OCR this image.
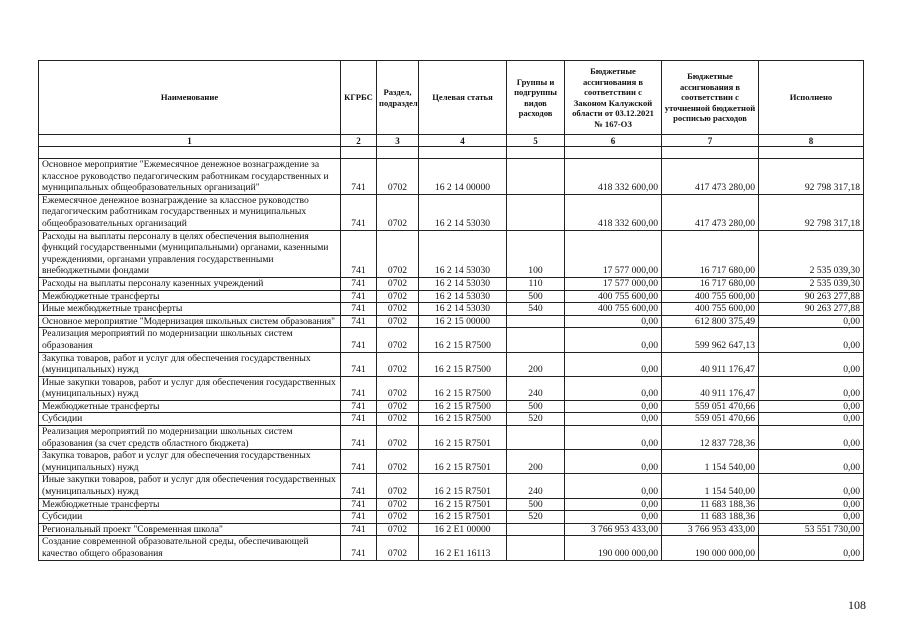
Наименование	КГРБС	Раздел, подраздел	Целевая статья	Группы и подгруппы видов расходов	Бюджетные ассигнования в соответствии с Законом Калужской области от 03.12.2021 № 167-ОЗ	Бюджетные ассигнования в соответствии с уточненной бюджетной росписью расходов	Исполнено
1	2	3	4	5	6	7	8

Основное мероприятие "Ежемесячное денежное вознаграждение за классное руководство педагогическим работникам государственных и муниципальных общеобразовательных организаций"	741	0702	16 2 14 00000		418 332 600,00	417 473 280,00	92 798 317,18
Ежемесячное денежное вознаграждение за классное руководство педагогическим работникам государственных и муниципальных общеобразовательных организаций	741	0702	16 2 14 53030		418 332 600,00	417 473 280,00	92 798 317,18
Расходы на выплаты персоналу в целях обеспечения выполнения функций государственными (муниципальными) органами, казенными учреждениями, органами управления государственными внебюджетными фондами	741	0702	16 2 14 53030	100	17 577 000,00	16 717 680,00	2 535 039,30
Расходы на выплаты персоналу казенных учреждений	741	0702	16 2 14 53030	110	17 577 000,00	16 717 680,00	2 535 039,30
Межбюджетные трансферты	741	0702	16 2 14 53030	500	400 755 600,00	400 755 600,00	90 263 277,88
Иные межбюджетные трансферты	741	0702	16 2 14 53030	540	400 755 600,00	400 755 600,00	90 263 277,88
Основное мероприятие "Модернизация школьных систем образования"	741	0702	16 2 15 00000		0,00	612 800 375,49	0,00
Реализация мероприятий по модернизации школьных систем образования	741	0702	16 2 15 R7500		0,00	599 962 647,13	0,00
Закупка товаров, работ и услуг для обеспечения государственных (муниципальных) нужд	741	0702	16 2 15 R7500	200	0,00	40 911 176,47	0,00
Иные закупки товаров, работ и услуг для обеспечения государственных (муниципальных) нужд	741	0702	16 2 15 R7500	240	0,00	40 911 176,47	0,00
Межбюджетные трансферты	741	0702	16 2 15 R7500	500	0,00	559 051 470,66	0,00
Субсидии	741	0702	16 2 15 R7500	520	0,00	559 051 470,66	0,00
Реализация мероприятий по модернизации школьных систем образования (за счет средств областного бюджета)	741	0702	16 2 15 R7501		0,00	12 837 728,36	0,00
Закупка товаров, работ и услуг для обеспечения государственных (муниципальных) нужд	741	0702	16 2 15 R7501	200	0,00	1 154 540,00	0,00
Иные закупки товаров, работ и услуг для обеспечения государственных (муниципальных) нужд	741	0702	16 2 15 R7501	240	0,00	1 154 540,00	0,00
Межбюджетные трансферты	741	0702	16 2 15 R7501	500	0,00	11 683 188,36	0,00
Субсидии	741	0702	16 2 15 R7501	520	0,00	11 683 188,36	0,00
Региональный проект "Современная школа"	741	0702	16 2 E1 00000		3 766 953 433,00	3 766 953 433,00	53 551 730,00
Создание современной образовательной среды, обеспечивающей качество общего образования	741	0702	16 2 E1 16113		190 000 000,00	190 000 000,00	0,00
108
